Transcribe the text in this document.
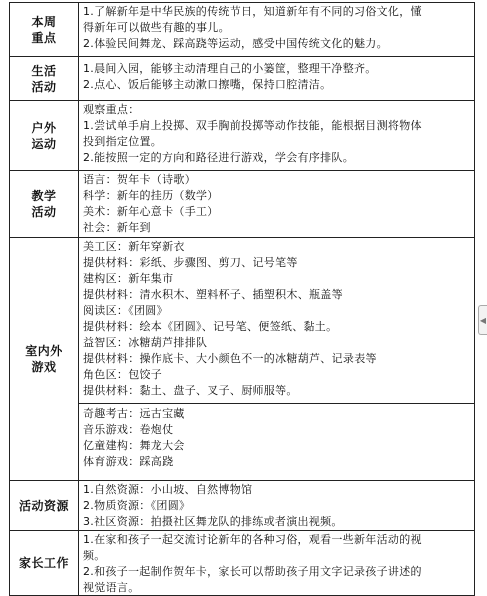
本周
重点

1.了解新年是中华民族的传统节日，知道新年有不同的习俗文化，懂

得新年可以做些有趣的事儿。

2.体验民间舞龙、踩高跷等运动，感受中国传统文化的魅力。

生活
活动

1.晨间入园，能够主动清理自己的小篓筐，整理干净整齐。

2.点心、饭后能够主动漱口擦嘴，保持口腔清洁。

户外
运动

观察重点：

1.尝试单手肩上投掷、双手胸前投掷等动作技能，能根据目测将物体

投到指定位置。

2.能按照一定的方向和路径进行游戏，学会有序排队。

教学
活动

语言：贺年卡（诗歌）

科学：新年的挂历（数学）

美术：新年心意卡（手工）

社会：新年到

室内外
游戏

美工区：新年穿新衣

提供材料：彩纸、步骤图、剪刀、记号笔等

建构区：新年集市

提供材料：清水积木、塑料杯子、插塑积木、瓶盖等

阅读区：《团圆》

提供材料：绘本《团圆》、记号笔、便签纸、黏土。

益智区：冰糖葫芦排排队

提供材料：操作底卡、大小颜色不一的冰糖葫芦、记录表等

角色区：包饺子

提供材料：黏土、盘子、叉子、厨师服等。

奇趣考古：远古宝藏

音乐游戏：卷炮仗

亿童建构：舞龙大会

体育游戏：踩高跷

活动资源

1.自然资源：小山坡、自然博物馆

2.物质资源：《团圆》

3.社区资源：拍摄社区舞龙队的排练或者演出视频。

家长工作

1.在家和孩子一起交流讨论新年的各种习俗，观看一些新年活动的视

频。

2.和孩子一起制作贺年卡，家长可以帮助孩子用文字记录孩子讲述的

视觉语言。

◀
